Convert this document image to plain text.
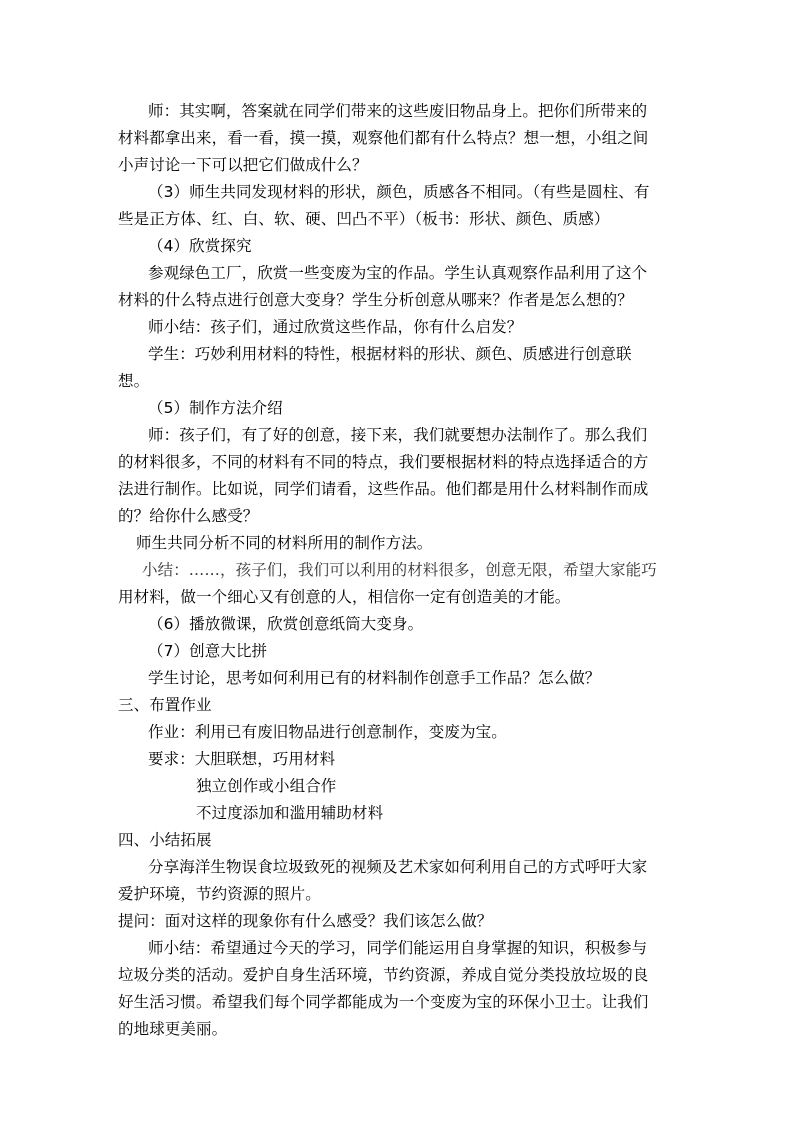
师：其实啊，答案就在同学们带来的这些废旧物品身上。把你们所带来的
材料都拿出来，看一看，摸一摸，观察他们都有什么特点？想一想，小组之间
小声讨论一下可以把它们做成什么？
（3）师生共同发现材料的形状，颜色，质感各不相同。（有些是圆柱、有
些是正方体、红、白、软、硬、凹凸不平）（板书：形状、颜色、质感）
（4）欣赏探究
参观绿色工厂，欣赏一些变废为宝的作品。学生认真观察作品利用了这个
材料的什么特点进行创意大变身？学生分析创意从哪来？作者是怎么想的？
师小结：孩子们，通过欣赏这些作品，你有什么启发？
学生：巧妙利用材料的特性，根据材料的形状、颜色、质感进行创意联
想。
（5）制作方法介绍
师：孩子们，有了好的创意，接下来，我们就要想办法制作了。那么我们
的材料很多，不同的材料有不同的特点，我们要根据材料的特点选择适合的方
法进行制作。比如说，同学们请看，这些作品。他们都是用什么材料制作而成
的？给你什么感受？
师生共同分析不同的材料所用的制作方法。
小结：……，孩子们，我们可以利用的材料很多，创意无限，希望大家能巧
用材料，做一个细心又有创意的人，相信你一定有创造美的才能。
（6）播放微课，欣赏创意纸筒大变身。
（7）创意大比拼
学生讨论，思考如何利用已有的材料制作创意手工作品？怎么做？
三、布置作业
作业：利用已有废旧物品进行创意制作，变废为宝。
要求：大胆联想，巧用材料
独立创作或小组合作
不过度添加和滥用辅助材料
四、小结拓展
分享海洋生物误食垃圾致死的视频及艺术家如何利用自己的方式呼吁大家
爱护环境，节约资源的照片。
提问：面对这样的现象你有什么感受？我们该怎么做？
师小结：希望通过今天的学习，同学们能运用自身掌握的知识，积极参与
垃圾分类的活动。爱护自身生活环境，节约资源，养成自觉分类投放垃圾的良
好生活习惯。希望我们每个同学都能成为一个变废为宝的环保小卫士。让我们
的地球更美丽。
